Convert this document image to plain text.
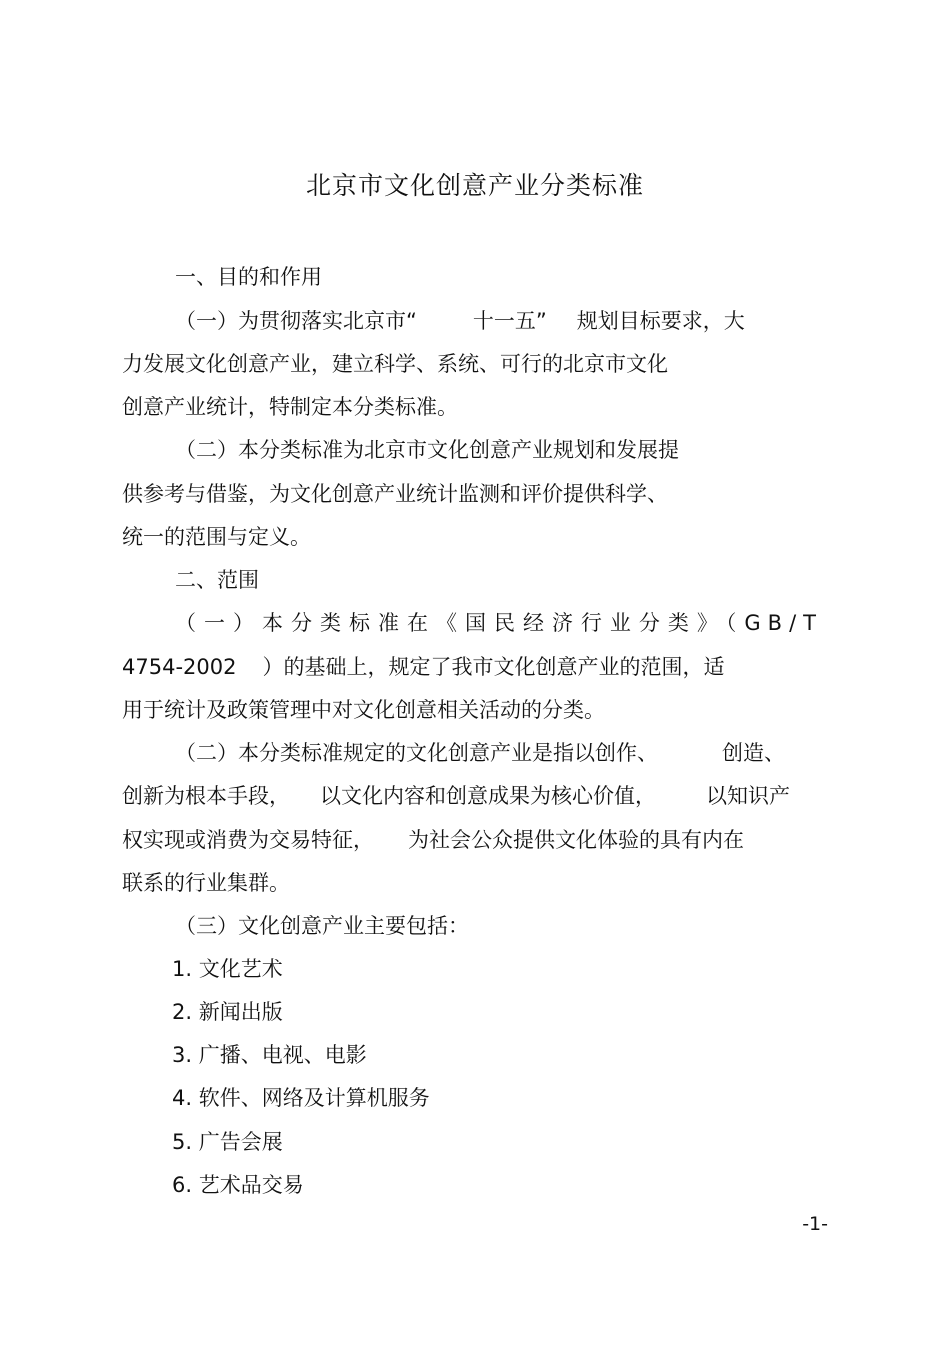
北京市文化创意产业分类标准
一、目的和作用
（一）为贯彻落实北京市“	十一五” 规划目标要求，大
力发展文化创意产业，建立科学、系统、可行的北京市文化
创意产业统计，特制定本分类标准。
（二）本分类标准为北京市文化创意产业规划和发展提
供参考与借鉴，为文化创意产业统计监测和评价提供科学、
统一的范围与定义。
二、范围
（一）本分类标准在《国民经济行业分类》（GB/T
4754-2002 ）的基础上，规定了我市文化创意产业的范围，适
用于统计及政策管理中对文化创意相关活动的分类。
（二）本分类标准规定的文化创意产业是指以创作、	创造、
创新为根本手段， 以文化内容和创意成果为核心价值， 以知识产
权实现或消费为交易特征， 为社会公众提供文化体验的具有内在
联系的行业集群。
（三）文化创意产业主要包括：
1. 文化艺术
2. 新闻出版
3. 广播、电视、电影
4. 软件、网络及计算机服务
5. 广告会展
6. 艺术品交易
-1-
